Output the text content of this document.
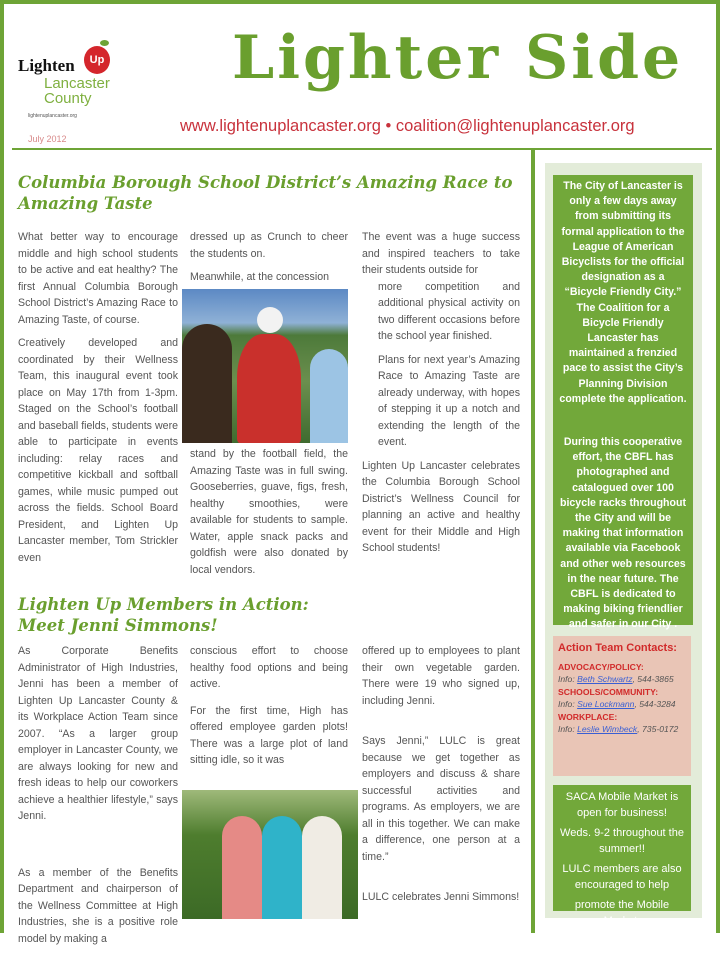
Lighten	Up
Lancaster
County
lightenuplancaster.org
July 2012
Lighter Side
www.lightenuplancaster.org • coalition@lightenuplancaster.org
Columbia Borough School District’s Amazing Race to Amazing Taste

What better way to encourage middle and high school students to be active and eat healthy? The first Annual Columbia Borough School District’s Amazing Race to Amazing Taste, of course.

Creatively developed and coordinated by their Wellness Team, this inaugural event took place on May 17th from 1-3pm. Staged on the School’s football and baseball fields, students were able to participate in events including: relay races and competitive kickball and softball games, while music pumped out across the fields. School Board President, and Lighten Up Lancaster member, Tom Strickler even

dressed up as Crunch to cheer the students on.

Meanwhile, at the concession

stand by the football field, the Amazing Taste was in full swing. Gooseberries, guave, figs, fresh, healthy smoothies, were available for students to sample. Water, apple snack packs and goldfish were also donated by local vendors.

The event was a huge success and inspired teachers to take their students outside for

more competition and additional physical activity on two different occasions before the school year finished.

Plans for next year’s Amazing Race to Amazing Taste are already underway, with hopes of stepping it up a notch and extending the length of the event.

Lighten Up Lancaster celebrates the Columbia Borough School District’s Wellness Council for planning an active and healthy event for their Middle and High School students!

Lighten Up Members in Action:
Meet Jenni Simmons!

As Corporate Benefits Administrator of High Industries, Jenni has been a member of Lighten Up Lancaster County & its Workplace Action Team since 2007. “As a larger group employer in Lancaster County, we are always looking for new and fresh ideas to help our coworkers achieve a healthier lifestyle,” says Jenni.

As a member of the Benefits Department and chairperson of the Wellness Committee at High Industries, she is a positive role model by making a

conscious effort to choose healthy food options and being active.

For the first time, High has offered employee garden plots! There was a large plot of land sitting idle, so it was

offered up to employees to plant their own vegetable garden. There were 19 who signed up, including Jenni.

Says Jenni,” LULC is great because we get together as employers and discuss & share successful activities and programs. As employers, we are all in this together. We can make a difference, one person at a time.”

LULC celebrates Jenni Simmons!

The City of Lancaster is only a few days away from submitting its formal application to the League of American Bicyclists for the official designation as a “Bicycle Friendly City.” The Coalition for a Bicycle Friendly Lancaster has maintained a frenzied pace to assist the City’s Planning Division complete the application.

During this cooperative effort, the CBFL has photographed and catalogued over 100 bicycle racks throughout the City and will be making that information available via Facebook and other web resources in the near future. The CBFL is dedicated to making biking friendlier and safer in our City .

Action Team Contacts:
ADVOCACY/POLICY:
Info: Beth Schwartz, 544-3865
SCHOOLS/COMMUNITY:
Info: Sue Lockmann, 544-3284
WORKPLACE:
Info: Leslie Wimbeck, 735-0172

SACA Mobile Market is open for business!

Weds. 9-2 throughout the summer!!

LULC members are also encouraged to help

promote the Mobile Market.
